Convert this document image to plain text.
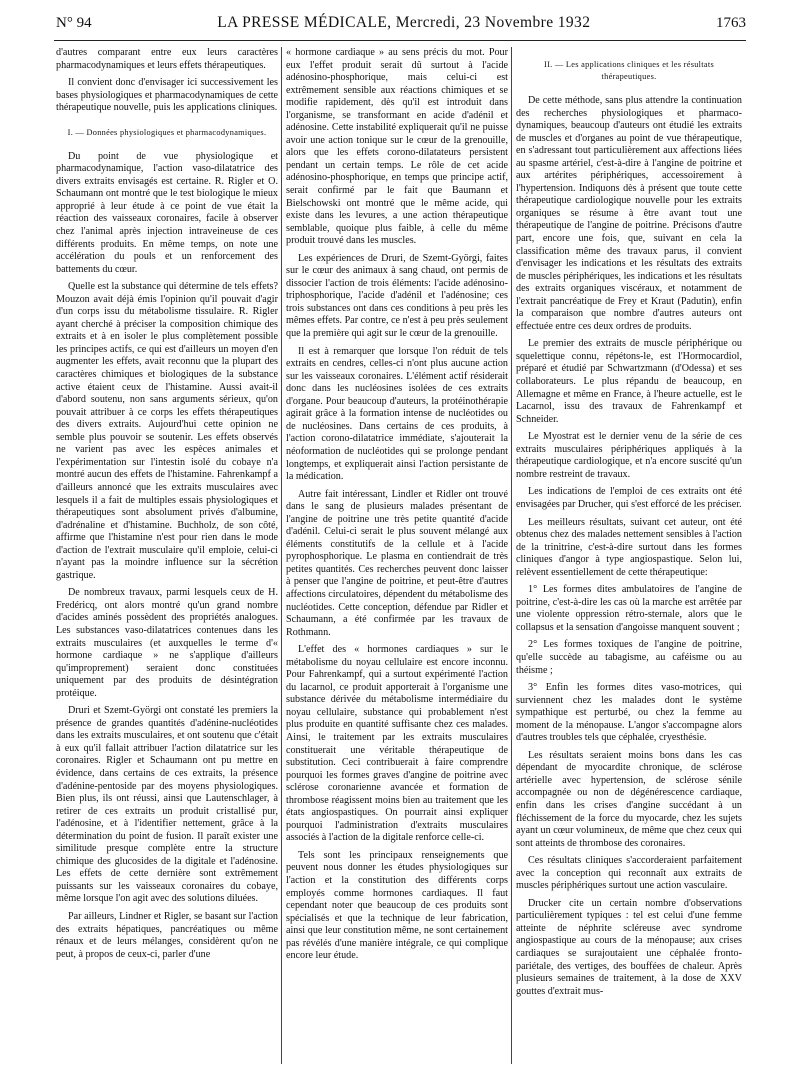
N° 94	LA PRESSE MÉDICALE, Mercredi, 23 Novembre 1932	1763

d'autres comparant entre eux leurs caractères pharmacodynamiques et leurs effets thérapeutiques.

Il convient donc d'envisager ici successivement les bases physiologiques et pharmacodynamiques de cette thérapeutique nouvelle, puis les applications cliniques.

I. — Données physiologiques et pharmacodynamiques.

Du point de vue physiologique et pharmacodynamique, l'action vaso-dilatatrice des divers extraits envisagés est certaine. R. Rigler et O. Schaumann ont montré que le test biologique le mieux approprié à leur étude à ce point de vue était la réaction des vaisseaux coronaires, facile à observer chez l'animal après injection intraveineuse de ces différents produits. En même temps, on note une accélération du pouls et un renforcement des battements du cœur.

Quelle est la substance qui détermine de tels effets? Mouzon avait déjà émis l'opinion qu'il pouvait d'agir d'un corps issu du métabolisme tissulaire. R. Rigler ayant cherché à préciser la composition chimique des extraits et à en isoler le plus complètement possible les principes actifs, ce qui est d'ailleurs un moyen d'en augmenter les effets, avait reconnu que la plupart des caractères chimiques et biologiques de la substance active étaient ceux de l'histamine. Aussi avait-il d'abord soutenu, non sans arguments sérieux, qu'on pouvait attribuer à ce corps les effets thérapeutiques des divers extraits. Aujourd'hui cette opinion ne semble plus pouvoir se soutenir. Les effets observés ne varient pas avec les espèces animales et l'expérimentation sur l'intestin isolé du cobaye n'a montré aucun des effets de l'histamine. Fahrenkampf a d'ailleurs annoncé que les extraits musculaires avec lesquels il a fait de multiples essais physiologiques et thérapeutiques sont absolument privés d'albumine, d'adrénaline et d'histamine. Buchholz, de son côté, affirme que l'histamine n'est pour rien dans le mode d'action de l'extrait musculaire qu'il emploie, celui-ci n'ayant pas la moindre influence sur la sécrétion gastrique.

De nombreux travaux, parmi lesquels ceux de H. Fredéricq, ont alors montré qu'un grand nombre d'acides aminés possèdent des propriétés analogues. Les substances vaso-dilatatrices contenues dans les extraits musculaires (et auxquelles le terme d'« hormone cardiaque » ne s'applique d'ailleurs qu'improprement) seraient donc constituées uniquement par des produits de désintégration protéique.

Druri et Szemt-Györgi ont constaté les premiers la présence de grandes quantités d'adénine-nucléotides dans les extraits musculaires, et ont soutenu que c'était à eux qu'il fallait attribuer l'action dilatatrice sur les coronaires. Rigler et Schaumann ont pu mettre en évidence, dans certains de ces extraits, la présence d'adénine-pentoside par des moyens physiologiques. Bien plus, ils ont réussi, ainsi que Lautenschlager, à retirer de ces extraits un produit cristallisé pur, l'adénosine, et à l'identifier nettement, grâce à la détermination du point de fusion. Il paraît exister une similitude presque complète entre la structure chimique des glucosides de la digitale et l'adénosine. Les effets de cette dernière sont extrêmement puissants sur les vaisseaux coronaires du cobaye, même lorsque l'on agit avec des solutions diluées.

Par ailleurs, Lindner et Rigler, se basant sur l'action des extraits hépatiques, pancréatiques ou même rénaux et de leurs mélanges, considèrent qu'on ne peut, à propos de ceux-ci, parler d'une

« hormone cardiaque » au sens précis du mot. Pour eux l'effet produit serait dû surtout à l'acide adénosino-phosphorique, mais celui-ci est extrêmement sensible aux réactions chimiques et se modifie rapidement, dès qu'il est introduit dans l'organisme, se transformant en acide d'adénil et adénosine. Cette instabilité expliquerait qu'il ne puisse avoir une action tonique sur le cœur de la grenouille, alors que les effets corono-dilatateurs persistent pendant un certain temps. Le rôle de cet acide adénosino-phosphorique, en temps que principe actif, serait confirmé par le fait que Baumann et Bielschowski ont montré que le même acide, qui existe dans les levures, a une action thérapeutique semblable, quoique plus faible, à celle du même produit trouvé dans les muscles.

Les expériences de Druri, de Szemt-Györgi, faites sur le cœur des animaux à sang chaud, ont permis de dissocier l'action de trois éléments: l'acide adénosino-triphosphorique, l'acide d'adénil et l'adénosine; ces trois substances ont dans ces conditions à peu près les mêmes effets. Par contre, ce n'est à peu près seulement que la première qui agit sur le cœur de la grenouille.

Il est à remarquer que lorsque l'on réduit de tels extraits en cendres, celles-ci n'ont plus aucune action sur les vaisseaux coronaires. L'élément actif résiderait donc dans les nucléosines isolées de ces extraits d'organe. Pour beaucoup d'auteurs, la protéinothérapie agirait grâce à la formation intense de nucléotides ou de nucléosines. Dans certains de ces produits, à l'action corono-dilatatrice immédiate, s'ajouterait la néoformation de nucléotides qui se prolonge pendant longtemps, et expliquerait ainsi l'action persistante de la médication.

Autre fait intéressant, Lindler et Ridler ont trouvé dans le sang de plusieurs malades présentant de l'angine de poitrine une très petite quantité d'acide d'adénil. Celui-ci serait le plus souvent mélangé aux éléments constitutifs de la cellule et à l'acide pyrophosphorique. Le plasma en contiendrait de très petites quantités. Ces recherches peuvent donc laisser à penser que l'angine de poitrine, et peut-être d'autres affections circulatoires, dépendent du métabolisme des nucléotides. Cette conception, défendue par Ridler et Schaumann, a été confirmée par les travaux de Rothmann.

L'effet des « hormones cardiaques » sur le métabolisme du noyau cellulaire est encore inconnu. Pour Fahrenkampf, qui a surtout expérimenté l'action du lacarnol, ce produit apporterait à l'organisme une substance dérivée du métabolisme intermédiaire du noyau cellulaire, substance qui probablement n'est plus produite en quantité suffisante chez ces malades. Ainsi, le traitement par les extraits musculaires constituerait une véritable thérapeutique de substitution. Ceci contribuerait à faire comprendre pourquoi les formes graves d'angine de poitrine avec sclérose coronarienne avancée et formation de thrombose réagissent moins bien au traitement que les états angiospastiques. On pourrait ainsi expliquer pourquoi l'administration d'extraits musculaires associés à l'action de la digitale renforce celle-ci.

Tels sont les principaux renseignements que peuvent nous donner les études physiologiques sur l'action et la constitution des différents corps employés comme hormones cardiaques. Il faut cependant noter que beaucoup de ces produits sont spécialisés et que la technique de leur fabrication, ainsi que leur constitution même, ne sont certainement pas révélés d'une manière intégrale, ce qui complique encore leur étude.

II. — Les applications cliniques et les résultats thérapeutiques.

De cette méthode, sans plus attendre la continuation des recherches physiologiques et pharmaco-dynamiques, beaucoup d'auteurs ont étudié les extraits de muscles et d'organes au point de vue thérapeutique, en s'adressant tout particulièrement aux affections liées au spasme artériel, c'est-à-dire à l'angine de poitrine et aux artérites périphériques, accessoirement à l'hypertension. Indiquons dès à présent que toute cette thérapeutique cardiologique nouvelle pour les extraits organiques se résume à être avant tout une thérapeutique de l'angine de poitrine. Précisons d'autre part, encore une fois, que, suivant en cela la classification même des travaux parus, il convient d'envisager les indications et les résultats des extraits de muscles périphériques, les indications et les résultats des extraits organiques viscéraux, et notamment de l'extrait pancréatique de Frey et Kraut (Padutin), enfin la comparaison que nombre d'autres auteurs ont effectuée entre ces deux ordres de produits.

Le premier des extraits de muscle périphérique ou squelettique connu, répétons-le, est l'Hormocardiol, préparé et étudié par Schwartzmann (d'Odessa) et ses collaborateurs. Le plus répandu de beaucoup, en Allemagne et même en France, à l'heure actuelle, est le Lacarnol, issu des travaux de Fahrenkampf et Schneider.

Le Myostrat est le dernier venu de la série de ces extraits musculaires périphériques appliqués à la thérapeutique cardiologique, et n'a encore suscité qu'un nombre restreint de travaux.

Les indications de l'emploi de ces extraits ont été envisagées par Drucher, qui s'est efforcé de les préciser.

Les meilleurs résultats, suivant cet auteur, ont été obtenus chez des malades nettement sensibles à l'action de la trinitrine, c'est-à-dire surtout dans les formes cliniques d'angor à type angiospastique. Selon lui, relèvent essentiellement de cette thérapeutique:

1° Les formes dites ambulatoires de l'angine de poitrine, c'est-à-dire les cas où la marche est arrêtée par une violente oppression rétro-sternale, alors que le collapsus et la sensation d'angoisse manquent souvent ;

2° Les formes toxiques de l'angine de poitrine, qu'elle succède au tabagisme, au caféisme ou au théisme ;

3° Enfin les formes dites vaso-motrices, qui surviennent chez les malades dont le système sympathique est perturbé, ou chez la femme au moment de la ménopause. L'angor s'accompagne alors d'autres troubles tels que céphalée, cryesthésie.

Les résultats seraient moins bons dans les cas dépendant de myocardite chronique, de sclérose artérielle avec hypertension, de sclérose sénile accompagnée ou non de dégénérescence cardiaque, enfin dans les crises d'angine succédant à un fléchissement de la force du myocarde, chez les sujets ayant un cœur volumineux, de même que chez ceux qui sont atteints de thrombose des coronaires.

Ces résultats cliniques s'accorderaient parfaitement avec la conception qui reconnaît aux extraits de muscles périphériques surtout une action vasculaire.

Drucker cite un certain nombre d'observations particulièrement typiques : tel est celui d'une femme atteinte de néphrite scléreuse avec syndrome angiospastique au cours de la ménopause; aux crises cardiaques se surajoutaient une céphalée fronto-pariétale, des vertiges, des bouffées de chaleur. Après plusieurs semaines de traitement, à la dose de XXV gouttes d'extrait mus-
